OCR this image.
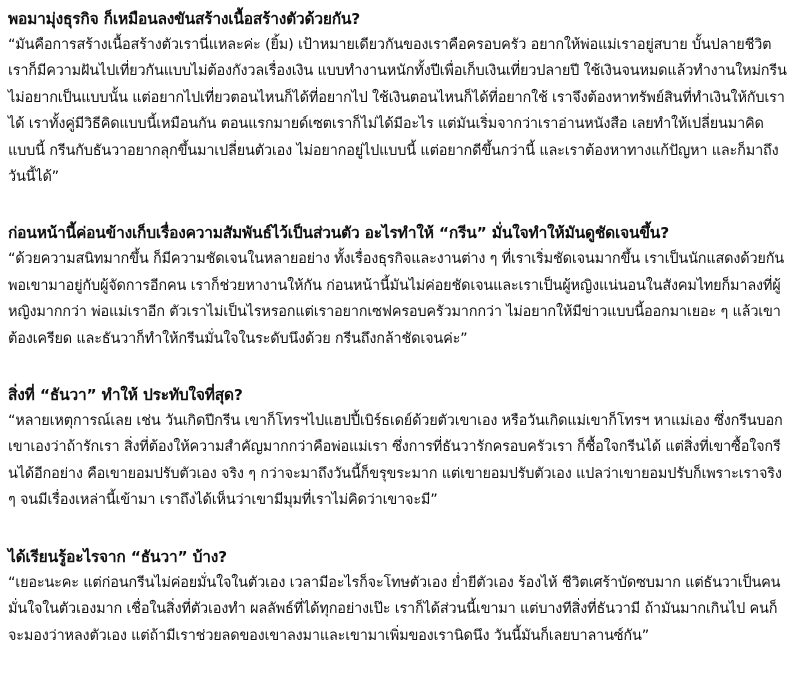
พอมามุ่งธุรกิจ ก็เหมือนลงขันสร้างเนื้อสร้างตัวด้วยกัน?

“มันคือการสร้างเนื้อสร้างตัวเรานี่แหละค่ะ (ยิ้ม) เป้าหมายเดียวกันของเราคือครอบครัว อยากให้พ่อแม่เราอยู่สบาย บั้นปลายชีวิตเราก็มีความฝันไปเที่ยวกันแบบไม่ต้องกังวลเรื่องเงิน แบบทำงานหนักทั้งปีเพื่อเก็บเงินเที่ยวปลายปี ใช้เงินจนหมดแล้วทำงานใหม่กรีนไม่อยากเป็นแบบนั้น แต่อยากไปเที่ยวตอนไหนก็ได้ที่อยากไป ใช้เงินตอนไหนก็ได้ที่อยากใช้ เราจึงต้องหาทรัพย์สินที่ทำเงินให้กับเราได้ เราทั้งคู่มีวิธีคิดแบบนี้เหมือนกัน ตอนแรกมายด์เซตเราก็ไม่ได้มีอะไร แต่มันเริ่มจากว่าเราอ่านหนังสือ เลยทำให้เปลี่ยนมาคิดแบบนี้ กรีนกับธันวาอยากลุกขึ้นมาเปลี่ยนตัวเอง ไม่อยากอยู่ไปแบบนี้ แต่อยากดีขึ้นกว่านี้ และเราต้องหาทางแก้ปัญหา และก็มาถึงวันนี้ได้”

ก่อนหน้านี้ค่อนข้างเก็บเรื่องความสัมพันธ์ไว้เป็นส่วนตัว อะไรทำให้ “กรีน” มั่นใจทำให้มันดูชัดเจนขึ้น?

“ด้วยความสนิทมากขึ้น ก็มีความชัดเจนในหลายอย่าง ทั้งเรื่องธุรกิจและงานต่าง ๆ ที่เราเริ่มชัดเจนมากขึ้น เราเป็นนักแสดงด้วยกัน พอเขามาอยู่กับผู้จัดการอีกคน เราก็ช่วยหางานให้กัน ก่อนหน้านี้มันไม่ค่อยชัดเจนและเราเป็นผู้หญิงแน่นอนในสังคมไทยก็มาลงที่ผู้หญิงมากกว่า พ่อแม่เราอีก ตัวเราไม่เป็นไรหรอกแต่เราอยากเซฟครอบครัวมากกว่า ไม่อยากให้มีข่าวแบบนี้ออกมาเยอะ ๆ แล้วเขาต้องเครียด และธันวาก็ทำให้กรีนมั่นใจในระดับนึงด้วย กรีนถึงกล้าชัดเจนค่ะ”

สิ่งที่ “ธันวา” ทำให้ ประทับใจที่สุด?

“หลายเหตุการณ์เลย เช่น วันเกิดปีกรีน เขาก็โทรฯไปแฮปปี้เบิร์ธเดย์ด้วยตัวเขาเอง หรือวันเกิดแม่เขาก็โทรฯ หาแม่เอง ซึ่งกรีนบอกเขาเองว่าถ้ารักเรา สิ่งที่ต้องให้ความสำคัญมากกว่าคือพ่อแม่เรา ซึ่งการที่ธันวารักครอบครัวเรา ก็ซื้อใจกรีนได้ แต่สิ่งที่เขาซื้อใจกรีนได้อีกอย่าง คือเขายอมปรับตัวเอง จริง ๆ กว่าจะมาถึงวันนี้ก็ขรุขระมาก แต่เขายอมปรับตัวเอง แปลว่าเขายอมปรับก็เพราะเราจริง ๆ จนมีเรื่องเหล่านี้เข้ามา เราถึงได้เห็นว่าเขามีมุมที่เราไม่คิดว่าเขาจะมี”

ได้เรียนรู้อะไรจาก “ธันวา” บ้าง?

“เยอะนะคะ แต่ก่อนกรีนไม่ค่อยมั่นใจในตัวเอง เวลามีอะไรก็จะโทษตัวเอง ย่ำยีตัวเอง ร้องไห้ ชีวิตเศร้าบัดซบมาก แต่ธันวาเป็นคนมั่นใจในตัวเองมาก เชื่อในสิ่งที่ตัวเองทำ ผลลัพธ์ที่ได้ทุกอย่างเป๊ะ เราก็ได้ส่วนนี้เขามา แต่บางทีสิ่งที่ธันวามี ถ้ามันมากเกินไป คนก็จะมองว่าหลงตัวเอง แต่ถ้ามีเราช่วยลดของเขาลงมาและเขามาเพิ่มของเรานิดนึง วันนี้มันก็เลยบาลานซ์กัน”
